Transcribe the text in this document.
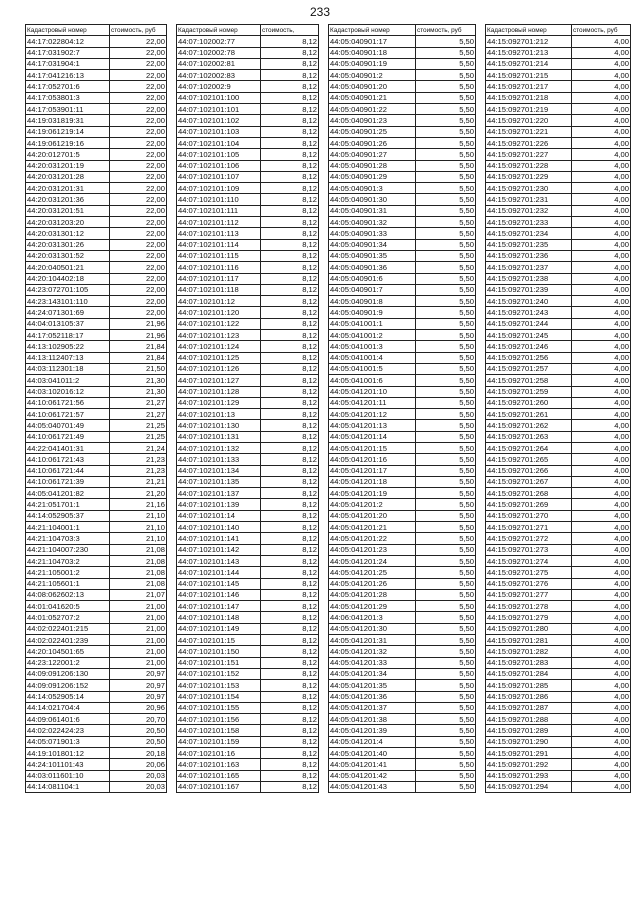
233
Кадастровый номер	стоимость, руб
44:17:022804:12	22,00
44:17:031902:7	22,00
44:17:031904:1	22,00
44:17:041216:13	22,00
44:17:052701:6	22,00
44:17:053801:3	22,00
44:17:053901:11	22,00
44:19:031819:31	22,00
44:19:061219:14	22,00
44:19:061219:16	22,00
44:20:012701:5	22,00
44:20:031201:19	22,00
44:20:031201:28	22,00
44:20:031201:31	22,00
44:20:031201:36	22,00
44:20:031201:51	22,00
44:20:031203:20	22,00
44:20:031301:12	22,00
44:20:031301:26	22,00
44:20:031301:52	22,00
44:20:040501:21	22,00
44:20:104402:18	22,00
44:23:072701:105	22,00
44:23:143101:110	22,00
44:24:071301:69	22,00
44:04:013105:37	21,96
44:17:052118:17	21,96
44:13:102905:22	21,84
44:13:112407:13	21,84
44:03:112301:18	21,50
44:03:041011:2	21,30
44:03:102016:12	21,30
44:10:061721:56	21,27
44:10:061721:57	21,27
44:05:040701:49	21,25
44:10:061721:49	21,25
44:22:041401:31	21,24
44:10:061721:43	21,23
44:10:061721:44	21,23
44:10:061721:39	21,21
44:05:041201:82	21,20
44:21:051701:1	21,16
44:14:052905:37	21,10
44:21:104001:1	21,10
44:21:104703:3	21,10
44:21:104007:230	21,08
44:21:104703:2	21,08
44:21:105001:2	21,08
44:21:105601:1	21,08
44:08:062602:13	21,07
44:01:041620:5	21,00
44:01:052707:2	21,00
44:02:022401:215	21,00
44:02:022401:239	21,00
44:20:104501:65	21,00
44:23:122001:2	21,00
44:09:091206:130	20,97
44:09:091206:152	20,97
44:14:052905:14	20,97
44:14:021704:4	20,96
44:09:061401:6	20,70
44:02:022424:23	20,50
44:05:071901:3	20,50
44:19:101801:12	20,18
44:24:101101:43	20,06
44:03:011601:10	20,03
44:14:081104:1	20,03
Кадастровый номер	стоимость,
44:07:102002:77	8,12
44:07:102002:78	8,12
44:07:102002:81	8,12
44:07:102002:83	8,12
44:07:102002:9	8,12
44:07:102101:100	8,12
44:07:102101:101	8,12
44:07:102101:102	8,12
44:07:102101:103	8,12
44:07:102101:104	8,12
44:07:102101:105	8,12
44:07:102101:106	8,12
44:07:102101:107	8,12
44:07:102101:109	8,12
44:07:102101:110	8,12
44:07:102101:111	8,12
44:07:102101:112	8,12
44:07:102101:113	8,12
44:07:102101:114	8,12
44:07:102101:115	8,12
44:07:102101:116	8,12
44:07:102101:117	8,12
44:07:102101:118	8,12
44:07:102101:12	8,12
44:07:102101:120	8,12
44:07:102101:122	8,12
44:07:102101:123	8,12
44:07:102101:124	8,12
44:07:102101:125	8,12
44:07:102101:126	8,12
44:07:102101:127	8,12
44:07:102101:128	8,12
44:07:102101:129	8,12
44:07:102101:13	8,12
44:07:102101:130	8,12
44:07:102101:131	8,12
44:07:102101:132	8,12
44:07:102101:133	8,12
44:07:102101:134	8,12
44:07:102101:135	8,12
44:07:102101:137	8,12
44:07:102101:139	8,12
44:07:102101:14	8,12
44:07:102101:140	8,12
44:07:102101:141	8,12
44:07:102101:142	8,12
44:07:102101:143	8,12
44:07:102101:144	8,12
44:07:102101:145	8,12
44:07:102101:146	8,12
44:07:102101:147	8,12
44:07:102101:148	8,12
44:07:102101:149	8,12
44:07:102101:15	8,12
44:07:102101:150	8,12
44:07:102101:151	8,12
44:07:102101:152	8,12
44:07:102101:153	8,12
44:07:102101:154	8,12
44:07:102101:155	8,12
44:07:102101:156	8,12
44:07:102101:158	8,12
44:07:102101:159	8,12
44:07:102101:16	8,12
44:07:102101:163	8,12
44:07:102101:165	8,12
44:07:102101:167	8,12
Кадастровый номер	стоимость, руб
44:05:040901:17	5,50
44:05:040901:18	5,50
44:05:040901:19	5,50
44:05:040901:2	5,50
44:05:040901:20	5,50
44:05:040901:21	5,50
44:05:040901:22	5,50
44:05:040901:23	5,50
44:05:040901:25	5,50
44:05:040901:26	5,50
44:05:040901:27	5,50
44:05:040901:28	5,50
44:05:040901:29	5,50
44:05:040901:3	5,50
44:05:040901:30	5,50
44:05:040901:31	5,50
44:05:040901:32	5,50
44:05:040901:33	5,50
44:05:040901:34	5,50
44:05:040901:35	5,50
44:05:040901:36	5,50
44:05:040901:6	5,50
44:05:040901:7	5,50
44:05:040901:8	5,50
44:05:040901:9	5,50
44:05:041001:1	5,50
44:05:041001:2	5,50
44:05:041001:3	5,50
44:05:041001:4	5,50
44:05:041001:5	5,50
44:05:041001:6	5,50
44:05:041201:10	5,50
44:05:041201:11	5,50
44:05:041201:12	5,50
44:05:041201:13	5,50
44:05:041201:14	5,50
44:05:041201:15	5,50
44:05:041201:16	5,50
44:05:041201:17	5,50
44:05:041201:18	5,50
44:05:041201:19	5,50
44:05:041201:2	5,50
44:05:041201:20	5,50
44:05:041201:21	5,50
44:05:041201:22	5,50
44:05:041201:23	5,50
44:05:041201:24	5,50
44:05:041201:25	5,50
44:05:041201:26	5,50
44:05:041201:28	5,50
44:05:041201:29	5,50
44:06:041201:3	5,50
44:05:041201:30	5,50
44:05:041201:31	5,50
44:05:041201:32	5,50
44:05:041201:33	5,50
44:05:041201:34	5,50
44:05:041201:35	5,50
44:05:041201:36	5,50
44:05:041201:37	5,50
44:05:041201:38	5,50
44:05:041201:39	5,50
44:05:041201:4	5,50
44:05:041201:40	5,50
44:05:041201:41	5,50
44:05:041201:42	5,50
44:05:041201:43	5,50
Кадастровый номер	стоимость, руб
44:15:092701:212	4,00
44:15:092701:213	4,00
44:15:092701:214	4,00
44:15:092701:215	4,00
44:15:092701:217	4,00
44:15:092701:218	4,00
44:15:092701:219	4,00
44:15:092701:220	4,00
44:15:092701:221	4,00
44:15:092701:226	4,00
44:15:092701:227	4,00
44:15:092701:228	4,00
44:15:092701:229	4,00
44:15:092701:230	4,00
44:15:092701:231	4,00
44:15:092701:232	4,00
44:15:092701:233	4,00
44:15:092701:234	4,00
44:15:092701:235	4,00
44:15:092701:236	4,00
44:15:092701:237	4,00
44:15:092701:238	4,00
44:15:092701:239	4,00
44:15:092701:240	4,00
44:15:092701:243	4,00
44:15:092701:244	4,00
44:15:092701:245	4,00
44:15:092701:246	4,00
44:15:092701:256	4,00
44:15:092701:257	4,00
44:15:092701:258	4,00
44:15:092701:259	4,00
44:15:092701:260	4,00
44:15:092701:261	4,00
44:15:092701:262	4,00
44:15:092701:263	4,00
44:15:092701:264	4,00
44:15:092701:265	4,00
44:15:092701:266	4,00
44:15:092701:267	4,00
44:15:092701:268	4,00
44:15:092701:269	4,00
44:15:092701:270	4,00
44:15:092701:271	4,00
44:15:092701:272	4,00
44:15:092701:273	4,00
44:15:092701:274	4,00
44:15:092701:275	4,00
44:15:092701:276	4,00
44:15:092701:277	4,00
44:15:092701:278	4,00
44:15:092701:279	4,00
44:15:092701:280	4,00
44:15:092701:281	4,00
44:15:092701:282	4,00
44:15:092701:283	4,00
44:15:092701:284	4,00
44:15:092701:285	4,00
44:15:092701:286	4,00
44:15:092701:287	4,00
44:15:092701:288	4,00
44:15:092701:289	4,00
44:15:092701:290	4,00
44:15:092701:291	4,00
44:15:092701:292	4,00
44:15:092701:293	4,00
44:15:092701:294	4,00
